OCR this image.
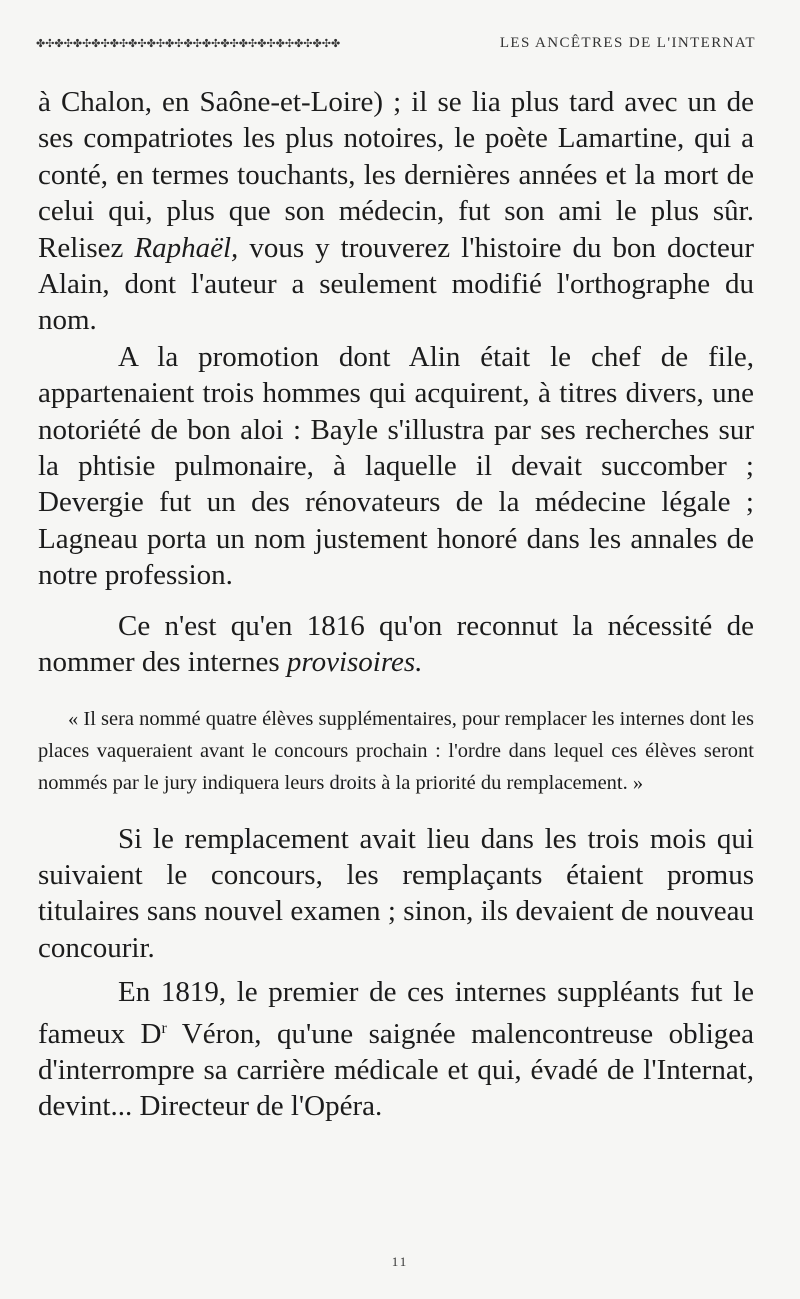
✤✣✤✣✤✣✤✣✤✣✤✣✤✣✤✣✤✣✤✣✤✣✤✣✤✣✤✣✤✣✤✣✤	LES ANCÊTRES DE L'INTERNAT

à Chalon, en Saône-et-Loire) ; il se lia plus tard avec un de ses compatriotes les plus notoires, le poète Lamartine, qui a conté, en termes touchants, les dernières années et la mort de celui qui, plus que son médecin, fut son ami le plus sûr. Relisez Raphaël, vous y trouverez l'histoire du bon docteur Alain, dont l'auteur a seulement modifié l'orthographe du nom.

A la promotion dont Alin était le chef de file, appartenaient trois hommes qui acquirent, à titres divers, une notoriété de bon aloi : Bayle s'illustra par ses recherches sur la phtisie pulmonaire, à laquelle il devait succomber ; Devergie fut un des rénovateurs de la médecine légale ; Lagneau porta un nom justement honoré dans les annales de notre profession.

Ce n'est qu'en 1816 qu'on reconnut la nécessité de nommer des internes provisoires.

« Il sera nommé quatre élèves supplémentaires, pour remplacer les internes dont les places vaqueraient avant le concours prochain : l'ordre dans lequel ces élèves seront nommés par le jury indiquera leurs droits à la priorité du remplacement. »

Si le remplacement avait lieu dans les trois mois qui suivaient le concours, les remplaçants étaient promus titulaires sans nouvel examen ; sinon, ils devaient de nouveau concourir.

En 1819, le premier de ces internes suppléants fut le fameux $D^r$ Véron, qu'une saignée malencontreuse obligea d'interrompre sa carrière médicale et qui, évadé de l'Internat, devint... Directeur de l'Opéra.

11
